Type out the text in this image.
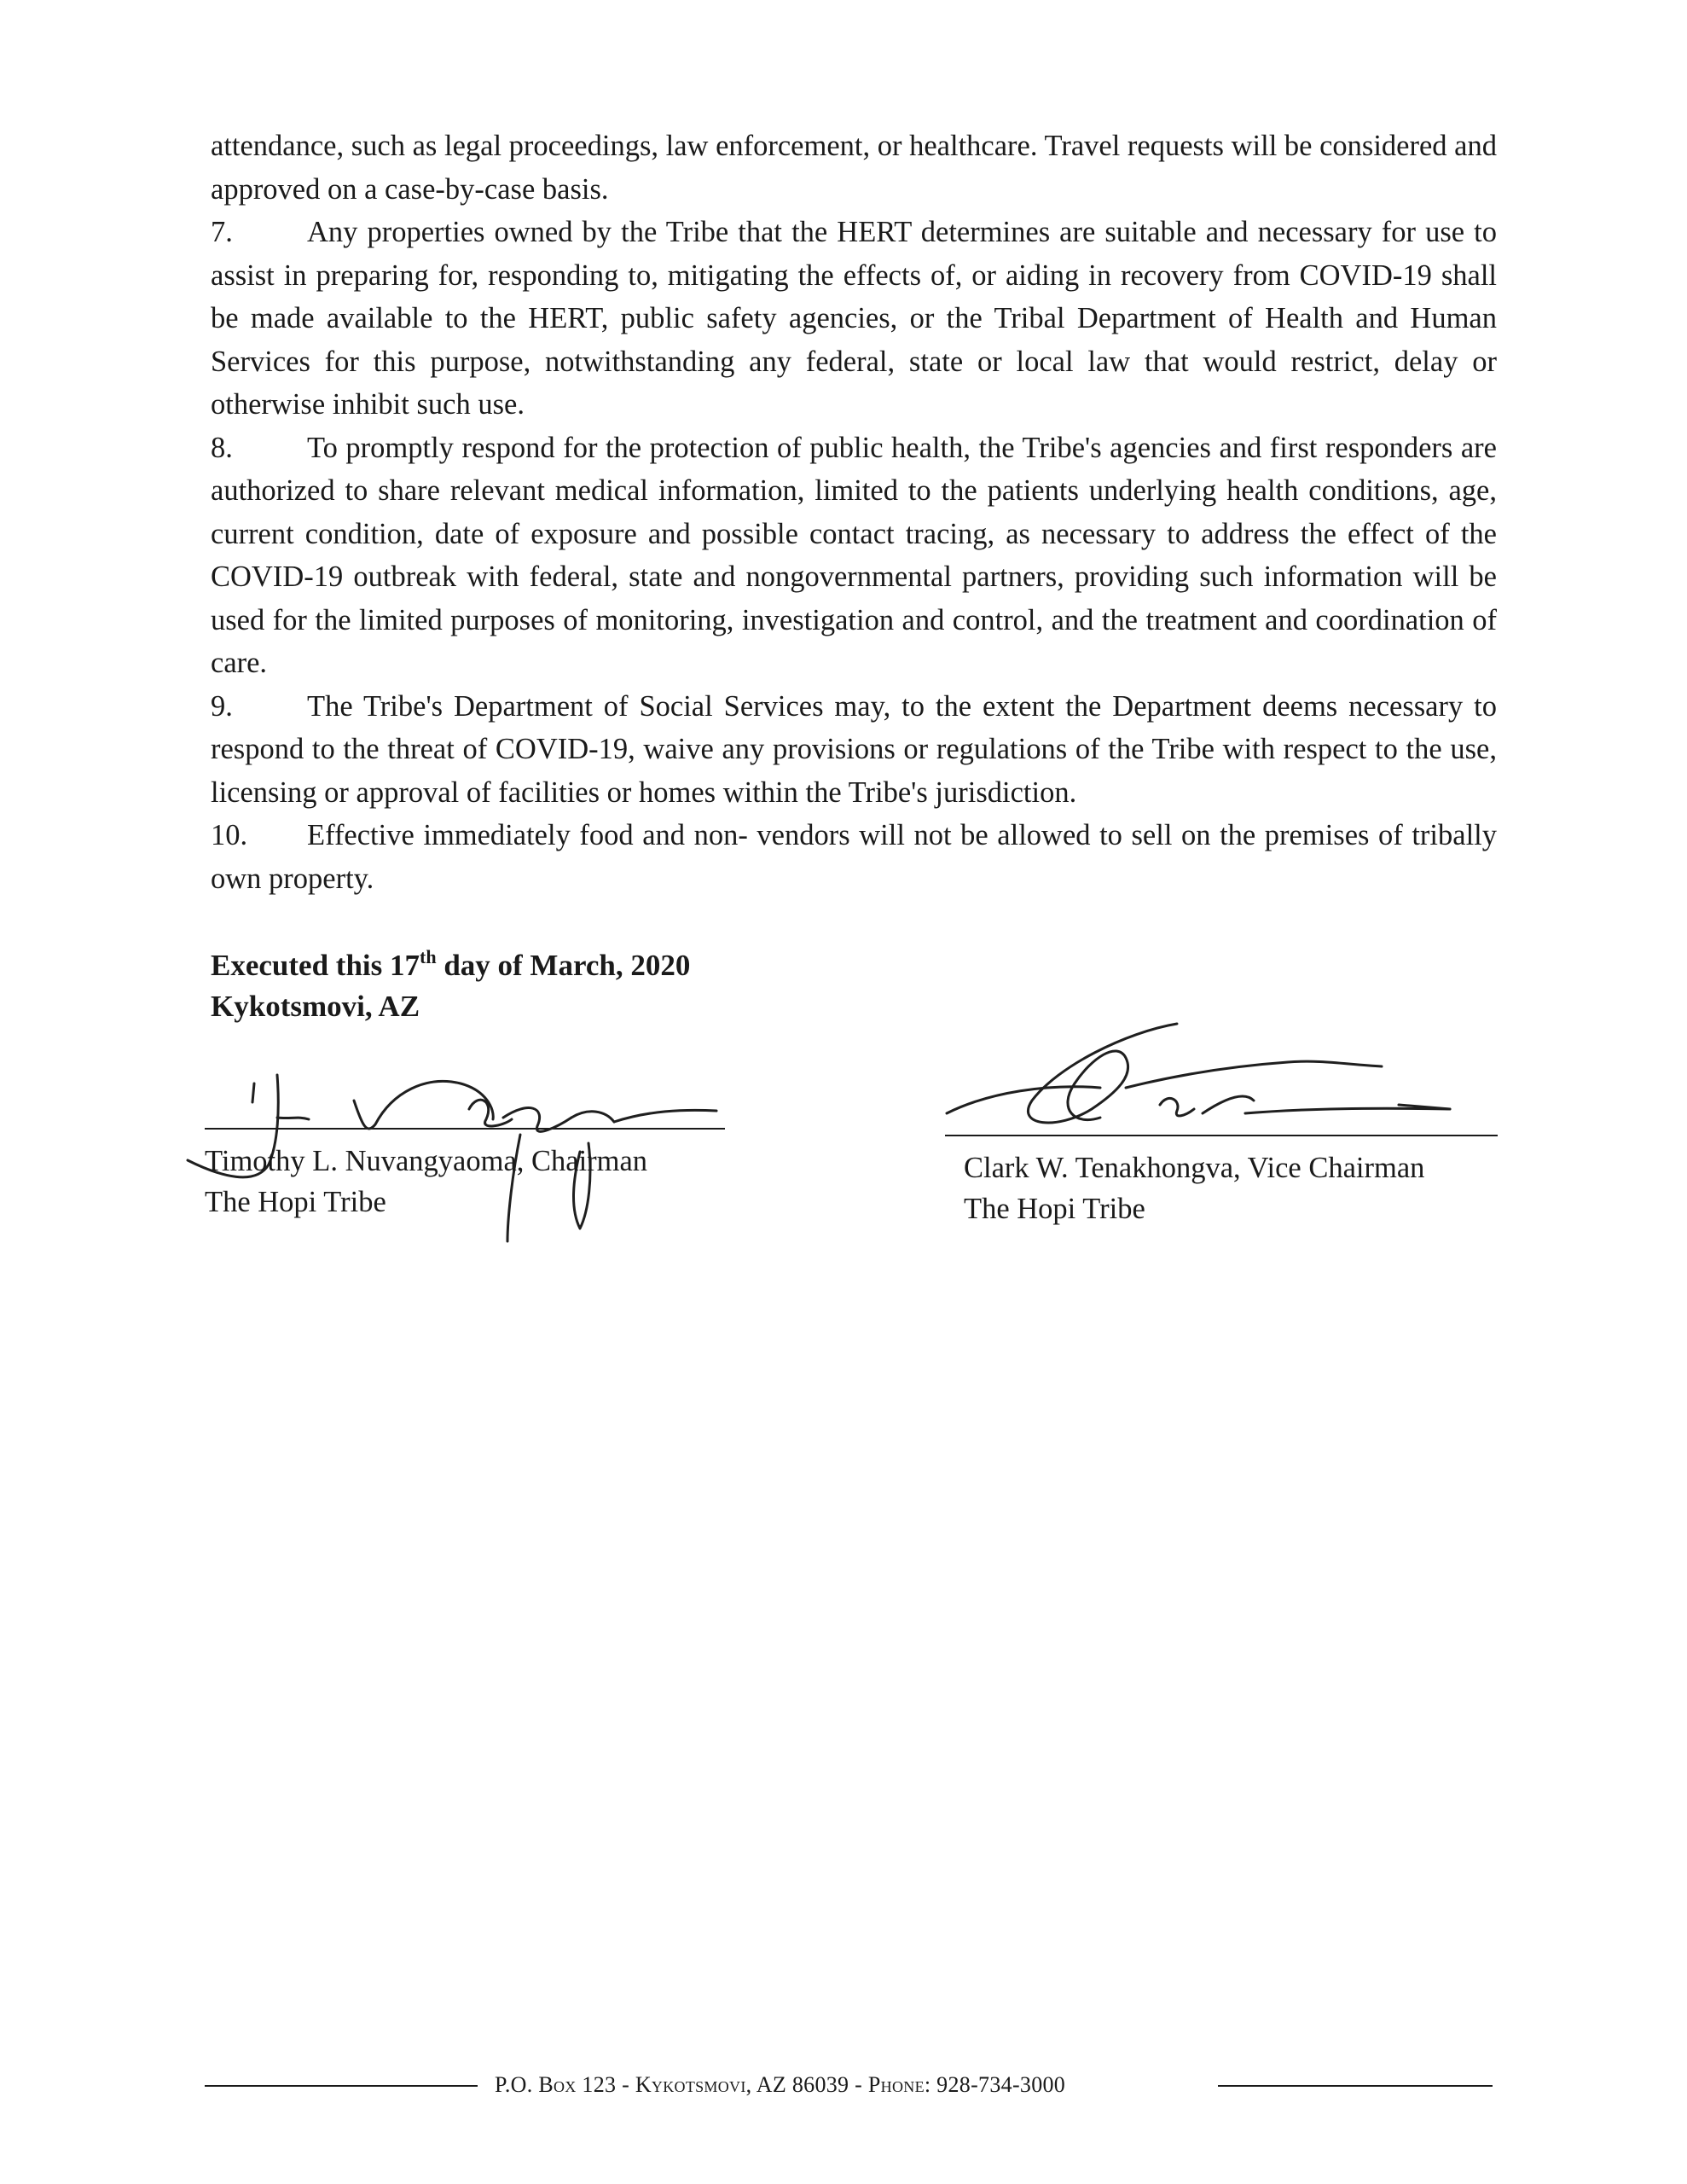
attendance, such as legal proceedings, law enforcement, or healthcare. Travel requests will be considered and approved on a case-by-case basis.

7.	Any properties owned by the Tribe that the HERT determines are suitable and necessary for use to assist in preparing for, responding to, mitigating the effects of, or aiding in recovery from COVID-19 shall be made available to the HERT, public safety agencies, or the Tribal Department of Health and Human Services for this purpose, notwithstanding any federal, state or local law that would restrict, delay or otherwise inhibit such use.

8.	To promptly respond for the protection of public health, the Tribe's agencies and first responders are authorized to share relevant medical information, limited to the patients underlying health conditions, age, current condition, date of exposure and possible contact tracing, as necessary to address the effect of the COVID-19 outbreak with federal, state and nongovernmental partners, providing such information will be used for the limited purposes of monitoring, investigation and control, and the treatment and coordination of care.

9.	The Tribe's Department of Social Services may, to the extent the Department deems necessary to respond to the threat of COVID-19, waive any provisions or regulations of the Tribe with respect to the use, licensing or approval of facilities or homes within the Tribe's jurisdiction.

10. Effective immediately food and non- vendors will not be allowed to sell on the premises of tribally own property.

Executed this 17th day of March, 2020
Kykotsmovi, AZ
Timothy L. Nuvangyaoma, Chairman
The Hopi Tribe
Clark W. Tenakhongva, Vice Chairman
The Hopi Tribe
P.O. Box 123 - Kykotsmovi, AZ 86039 - Phone: 928-734-3000
